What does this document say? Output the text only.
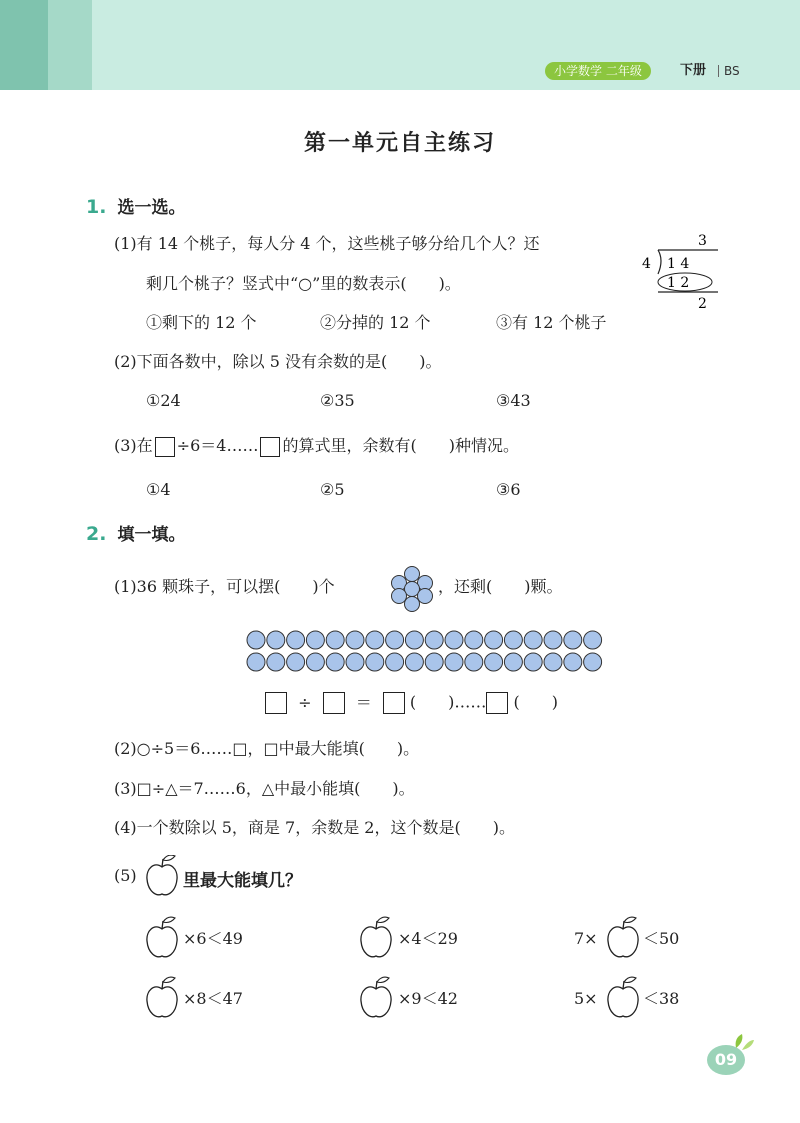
小学数学 二年级	下册 BS
第一单元自主练习
1. 选一选。
(1)有 14 个桃子，每人分 4 个，这些桃子够分给几个人？还
剩几个桃子？竖式中“○”里的数表示(　　)。
3
4 1 4
1 2
2
①剩下的 12 个	②分掉的 12 个	③有 12 个桃子
(2)下面各数中，除以 5 没有余数的是(　　)。
①24	②35	③43
(3)在 ÷6＝4…… 的算式里，余数有(　　)种情况。
①4	②5	③6
2. 填一填。
(1)36 颗珠子，可以摆(　　)个	，还剩(　　)颗。
÷	＝ (　　)…… (　　)
(2)○÷5＝6……□，□中最大能填(　　)。
(3)□÷△＝7……6，△中最小能填(　　)。
(4)一个数除以 5，商是 7，余数是 2，这个数是(　　)。
(5)	里最大能填几？
×6＜49	×4＜29	7×	＜50
×8＜47	×9＜42	5×	＜38
09
